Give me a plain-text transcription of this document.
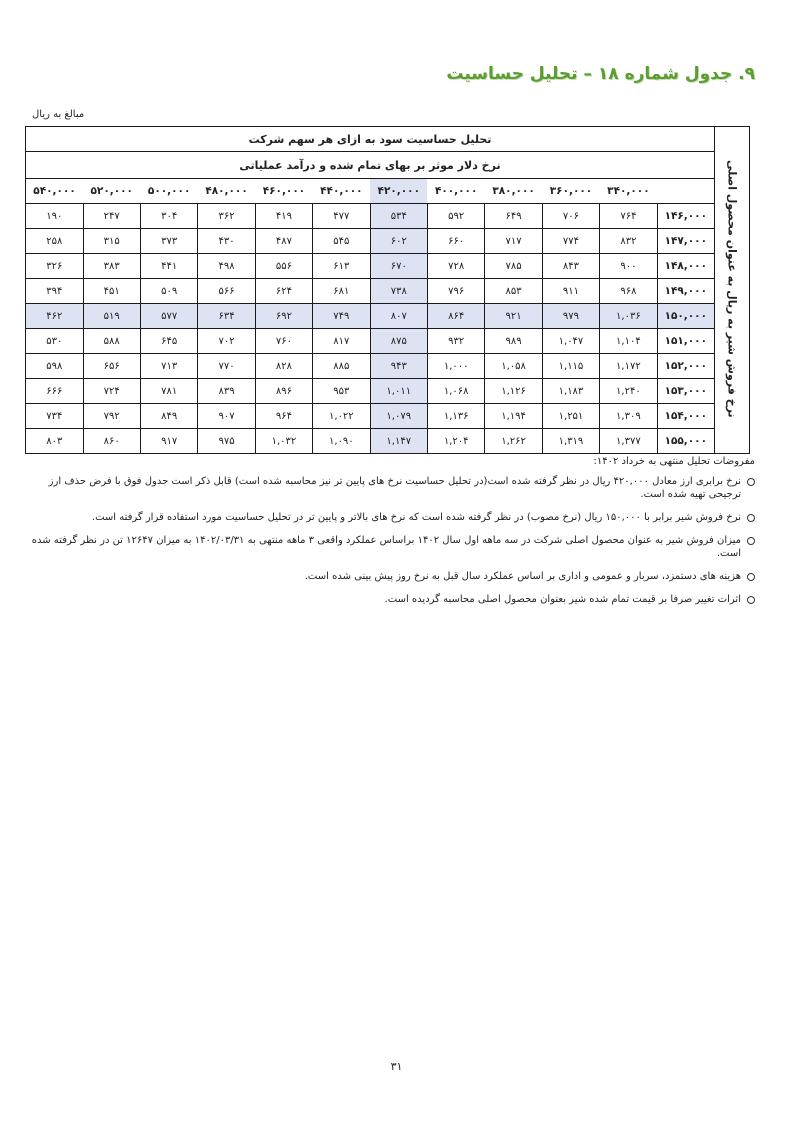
۹. جدول شماره ۱۸ – تحلیل حساسیت
مبالغ به ریال
نرخ فروش شیر به ریال به عنوان محصول اصلی	تحلیل حساسیت سود به ازای هر سهم شرکت											
	نرخ دلار موثر بر بهای تمام شده و درآمد عملیاتی											
		۳۴۰,۰۰۰	۳۶۰,۰۰۰	۳۸۰,۰۰۰	۴۰۰,۰۰۰	۴۲۰,۰۰۰	۴۴۰,۰۰۰	۴۶۰,۰۰۰	۴۸۰,۰۰۰	۵۰۰,۰۰۰	۵۲۰,۰۰۰	۵۴۰,۰۰۰
	۱۴۶,۰۰۰	۷۶۴	۷۰۶	۶۴۹	۵۹۲	۵۳۴	۴۷۷	۴۱۹	۳۶۲	۳۰۴	۲۴۷	۱۹۰
	۱۴۷,۰۰۰	۸۳۲	۷۷۴	۷۱۷	۶۶۰	۶۰۲	۵۴۵	۴۸۷	۴۳۰	۳۷۳	۳۱۵	۲۵۸
	۱۴۸,۰۰۰	۹۰۰	۸۴۳	۷۸۵	۷۲۸	۶۷۰	۶۱۳	۵۵۶	۴۹۸	۴۴۱	۳۸۳	۳۲۶
	۱۴۹,۰۰۰	۹۶۸	۹۱۱	۸۵۳	۷۹۶	۷۳۸	۶۸۱	۶۲۴	۵۶۶	۵۰۹	۴۵۱	۳۹۴
	۱۵۰,۰۰۰	۱,۰۳۶	۹۷۹	۹۲۱	۸۶۴	۸۰۷	۷۴۹	۶۹۲	۶۳۴	۵۷۷	۵۱۹	۴۶۲
	۱۵۱,۰۰۰	۱,۱۰۴	۱,۰۴۷	۹۸۹	۹۳۲	۸۷۵	۸۱۷	۷۶۰	۷۰۲	۶۴۵	۵۸۸	۵۳۰
	۱۵۲,۰۰۰	۱,۱۷۲	۱,۱۱۵	۱,۰۵۸	۱,۰۰۰	۹۴۳	۸۸۵	۸۲۸	۷۷۰	۷۱۳	۶۵۶	۵۹۸
	۱۵۳,۰۰۰	۱,۲۴۰	۱,۱۸۳	۱,۱۲۶	۱,۰۶۸	۱,۰۱۱	۹۵۳	۸۹۶	۸۳۹	۷۸۱	۷۲۴	۶۶۶
	۱۵۴,۰۰۰	۱,۳۰۹	۱,۲۵۱	۱,۱۹۴	۱,۱۳۶	۱,۰۷۹	۱,۰۲۲	۹۶۴	۹۰۷	۸۴۹	۷۹۲	۷۳۴
	۱۵۵,۰۰۰	۱,۳۷۷	۱,۳۱۹	۱,۲۶۲	۱,۲۰۴	۱,۱۴۷	۱,۰۹۰	۱,۰۳۲	۹۷۵	۹۱۷	۸۶۰	۸۰۳
مفروضات تحلیل منتهی به خرداد ۱۴۰۲:
نرخ برابری ارز معادل ۴۲۰,۰۰۰ ریال در نظر گرفته شده است(در تحلیل حساسیت نرخ های پایین تر نیز محاسبه شده است) قابل ذکر است جدول فوق با فرض حذف ارز ترجیحی تهیه شده است.
نرخ فروش شیر برابر با ۱۵۰,۰۰۰ ریال (نرخ مصوب) در نظر گرفته شده است که نرخ های بالاتر و پایین تر در تحلیل حساسیت مورد استفاده قرار گرفته است.
میزان فروش شیر به عنوان محصول اصلی شرکت در سه ماهه اول سال ۱۴۰۲ براساس عملکرد واقعی ۳ ماهه منتهی به ۱۴۰۲/۰۳/۳۱ به میزان ۱۲۶۴۷ تن در نظر گرفته شده است.
هزینه های دستمزد، سربار و عمومی و اداری بر اساس عملکرد سال قبل به نرخ روز پیش بینی شده است.
اثرات تغییر صرفا بر قیمت تمام شده شیر بعنوان محصول اصلی محاسبه گردیده است.
۳۱
